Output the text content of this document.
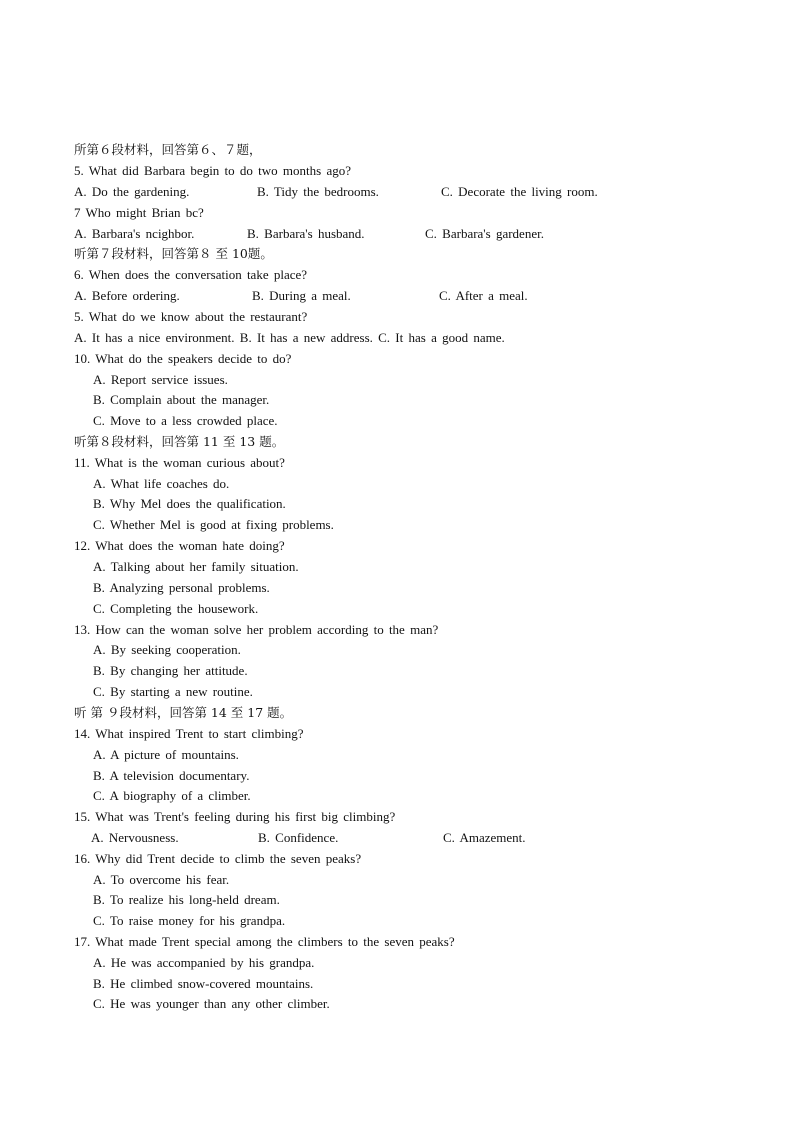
所第６段材料，回答第６、７题，
5. What did Barbara begin to do two months ago?
A. Do the gardening.	B. Tidy the bedrooms.	C. Decorate the living room.
7 Who might Brian bc?
A. Barbara's ncighbor.	B. Barbara's husband.	C. Barbara's gardener.
听第７段材料，回答第８ 至 10题。
6. When does the conversation take place?
A. Before ordering.	B. During a meal.	C. After a meal.
5. What do we know about the restaurant?
A. It has a nice environment. B. It has a new address. C. It has a good name.
10. What do the speakers decide to do?
A. Report service issues.
B. Complain about the manager.
C. Move to a less crowded place.
听第８段材料，回答第 11 至 13 题。
11. What is the woman curious about?
A. What life coaches do.
B. Why Mel does the qualification.
C. Whether Mel is good at fixing problems.
12. What does the woman hate doing?
A. Talking about her family situation.
B. Analyzing personal problems.
C. Completing the housework.
13. How can the woman solve her problem according to the man?
A. By seeking cooperation.
B. By changing her attitude.
C. By starting a new routine.
听 第 ９段材料，回答第 14 至 17 题。
14. What inspired Trent to start climbing?
A. A picture of mountains.
B. A television documentary.
C. A biography of a climber.
15. What was Trent's feeling during his first big climbing?
A. Nervousness.	B. Confidence.	C. Amazement.
16. Why did Trent decide to climb the seven peaks?
A. To overcome his fear.
B. To realize his long-held dream.
C. To raise money for his grandpa.
17. What made Trent special among the climbers to the seven peaks?
A. He was accompanied by his grandpa.
B. He climbed snow-covered mountains.
C. He was younger than any other climber.
